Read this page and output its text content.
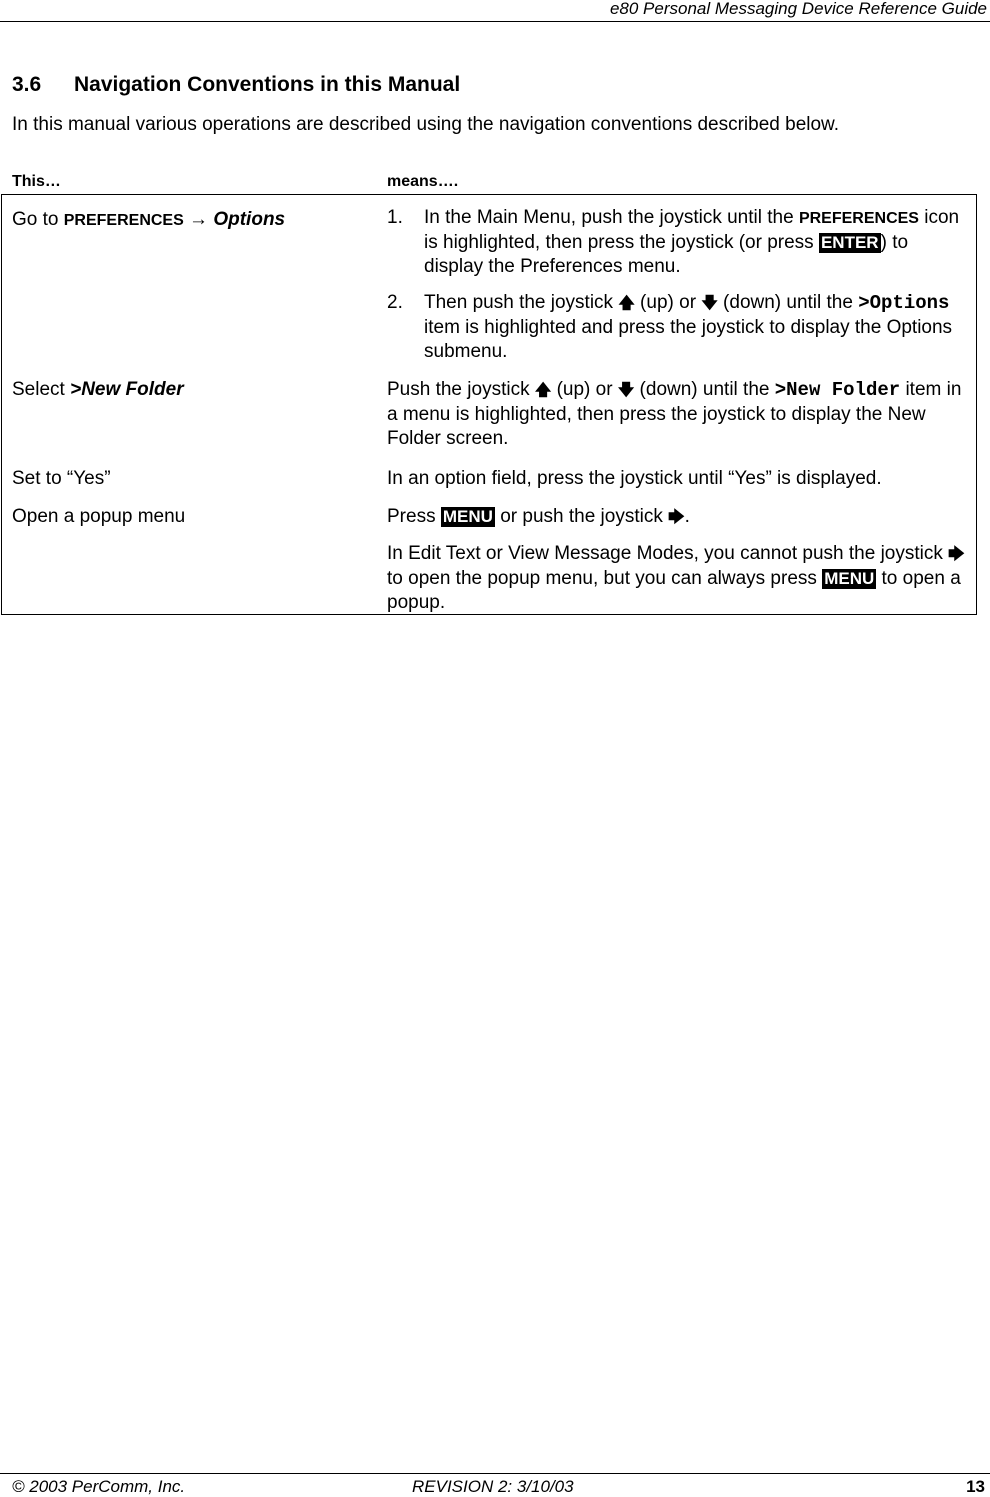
e80 Personal Messaging Device Reference Guide
3.6 Navigation Conventions in this Manual
In this manual various operations are described using the navigation conventions described below.
This…	means….
Go to PREFERENCES → Options	1. In the Main Menu, push the joystick until the PREFERENCES icon is highlighted, then press the joystick (or press ENTER ) to display the Preferences menu.
2. Then push the joystick 🡅 (up) or 🡇 (down) until the >Options item is highlighted and press the joystick to display the Options submenu.
Select >New Folder	Push the joystick 🡅 (up) or 🡇 (down) until the >New Folder item in a menu is highlighted, then press the joystick to display the New Folder screen.
Set to “Yes”	In an option field, press the joystick until “Yes” is displayed.
Open a popup menu	Press MENU or push the joystick 🡆.
In Edit Text or View Message Modes, you cannot push the joystick 🡆 to open the popup menu, but you can always press MENU to open a popup.
© 2003 PerComm, Inc.	REVISION 2: 3/10/03	13
